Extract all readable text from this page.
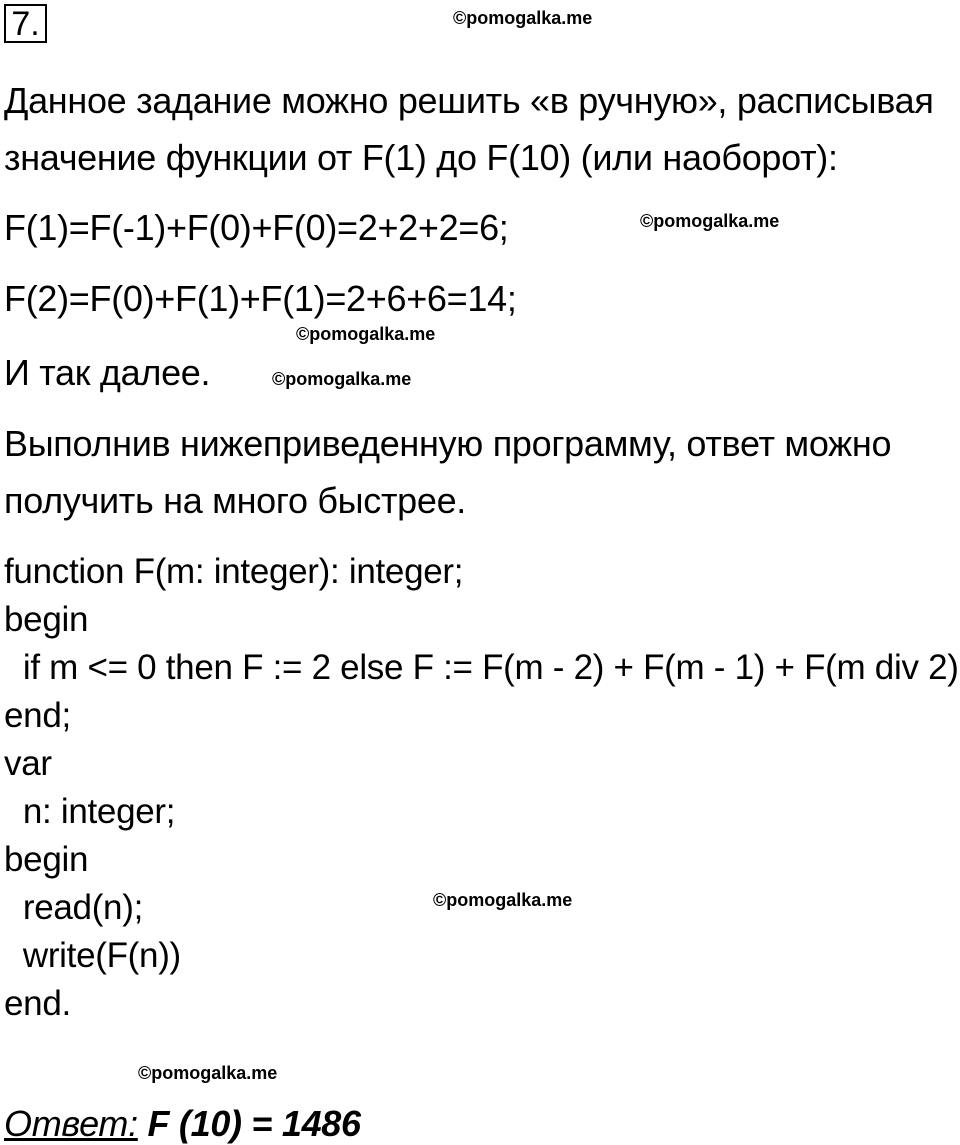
7.	©pomogalka.me
©pomogalka.me
©pomogalka.me
©pomogalka.me
©pomogalka.me
©pomogalka.me
Данное задание можно решить «в ручную», расписывая
значение функции от F(1) до F(10) (или наоборот):
F(1)=F(-1)+F(0)+F(0)=2+2+2=6;
F(2)=F(0)+F(1)+F(1)=2+6+6=14;
И так далее.
Выполнив нижеприведенную программу, ответ можно
получить на много быстрее.
function F(m: integer): integer;
begin
if m <= 0 then F := 2 else F := F(m - 2) + F(m - 1) + F(m div 2)
end;
var
n: integer;
begin
read(n);
write(F(n))
end.
Ответ: F (10) = 1486
